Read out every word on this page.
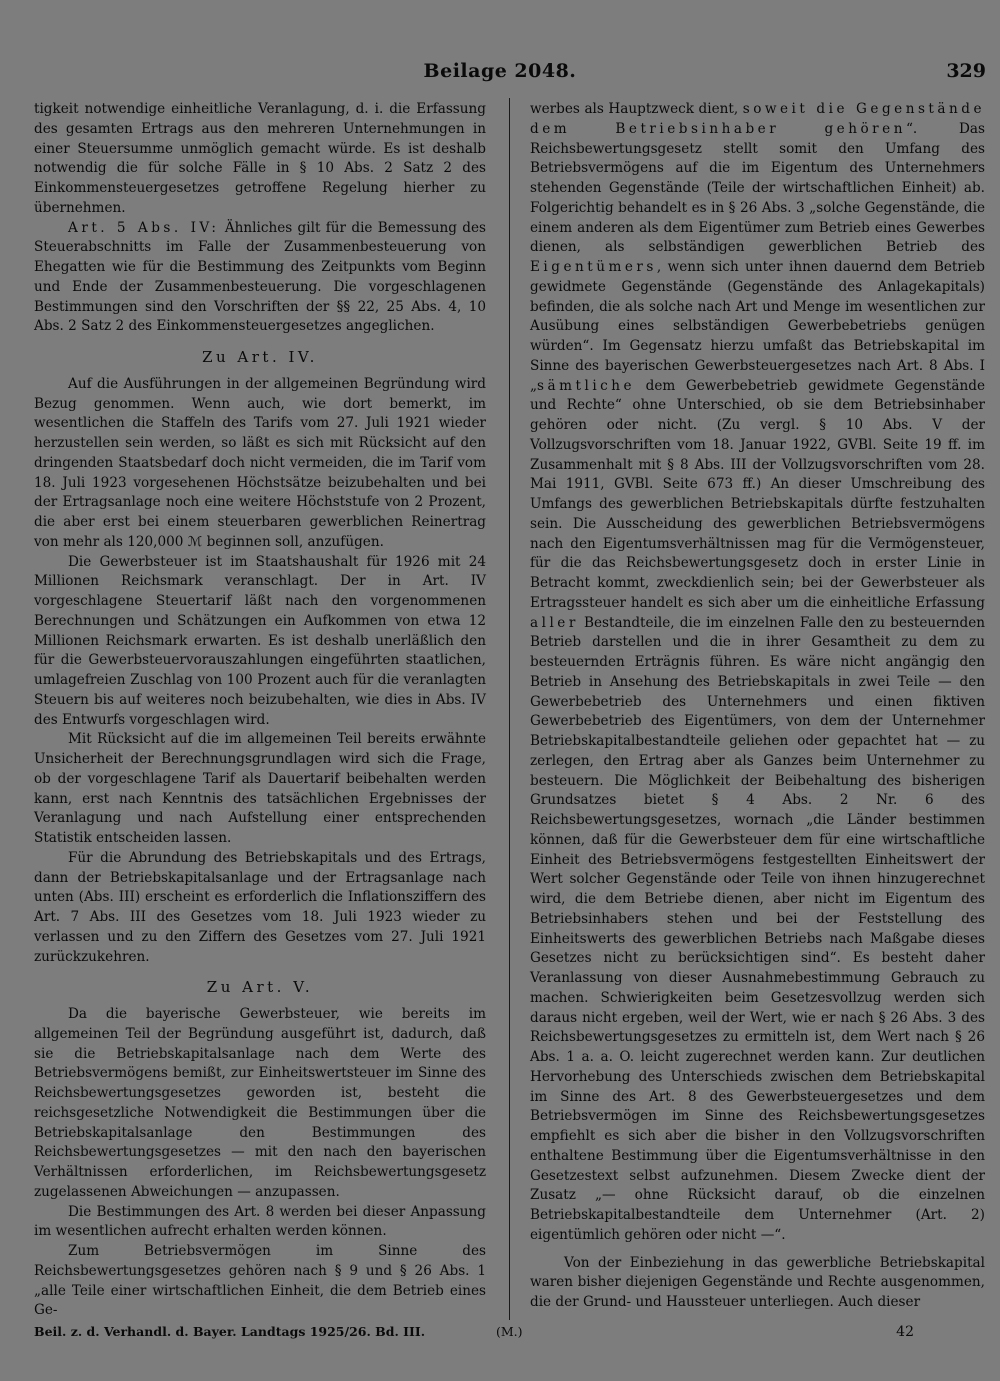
Beilage 2048.	329

tigkeit notwendige einheitliche Veranlagung, d. i. die Erfassung des gesamten Ertrags aus den mehreren Unternehmungen in einer Steuersumme unmöglich gemacht würde. Es ist deshalb notwendig die für solche Fälle in § 10 Abs. 2 Satz 2 des Einkommensteuergesetzes getroffene Regelung hierher zu übernehmen.

Art. 5 Abs. IV: Ähnliches gilt für die Bemessung des Steuerabschnitts im Falle der Zusammenbesteuerung von Ehegatten wie für die Bestimmung des Zeitpunkts vom Beginn und Ende der Zusammenbesteuerung. Die vorgeschlagenen Bestimmungen sind den Vorschriften der §§ 22, 25 Abs. 4, 10 Abs. 2 Satz 2 des Einkommensteuergesetzes angeglichen.

Zu Art. IV.

Auf die Ausführungen in der allgemeinen Begründung wird Bezug genommen. Wenn auch, wie dort bemerkt, im wesentlichen die Staffeln des Tarifs vom 27. Juli 1921 wieder herzustellen sein werden, so läßt es sich mit Rücksicht auf den dringenden Staatsbedarf doch nicht vermeiden, die im Tarif vom 18. Juli 1923 vorgesehenen Höchstsätze beizubehalten und bei der Ertragsanlage noch eine weitere Höchststufe von 2 Prozent, die aber erst bei einem steuerbaren gewerblichen Reinertrag von mehr als 120,000 ℳ beginnen soll, anzufügen.

Die Gewerbsteuer ist im Staatshaushalt für 1926 mit 24 Millionen Reichsmark veranschlagt. Der in Art. IV vorgeschlagene Steuertarif läßt nach den vorgenommenen Berechnungen und Schätzungen ein Aufkommen von etwa 12 Millionen Reichsmark erwarten. Es ist deshalb unerläßlich den für die Gewerbsteuervorauszahlungen eingeführten staatlichen, umlagefreien Zuschlag von 100 Prozent auch für die veranlagten Steuern bis auf weiteres noch beizubehalten, wie dies in Abs. IV des Entwurfs vorgeschlagen wird.

Mit Rücksicht auf die im allgemeinen Teil bereits erwähnte Unsicherheit der Berechnungsgrundlagen wird sich die Frage, ob der vorgeschlagene Tarif als Dauertarif beibehalten werden kann, erst nach Kenntnis des tatsächlichen Ergebnisses der Veranlagung und nach Aufstellung einer entsprechenden Statistik entscheiden lassen.

Für die Abrundung des Betriebskapitals und des Ertrags, dann der Betriebskapitalsanlage und der Ertragsanlage nach unten (Abs. III) erscheint es erforderlich die Inflationsziffern des Art. 7 Abs. III des Gesetzes vom 18. Juli 1923 wieder zu verlassen und zu den Ziffern des Gesetzes vom 27. Juli 1921 zurückzukehren.

Zu Art. V.

Da die bayerische Gewerbsteuer, wie bereits im allgemeinen Teil der Begründung ausgeführt ist, dadurch, daß sie die Betriebskapitalsanlage nach dem Werte des Betriebsvermögens bemißt, zur Einheitswertsteuer im Sinne des Reichsbewertungsgesetzes geworden ist, besteht die reichsgesetzliche Notwendigkeit die Bestimmungen über die Betriebskapitalsanlage den Bestimmungen des Reichsbewertungsgesetzes — mit den nach den bayerischen Verhältnissen erforderlichen, im Reichsbewertungsgesetz zugelassenen Abweichungen — anzupassen.

Die Bestimmungen des Art. 8 werden bei dieser Anpassung im wesentlichen aufrecht erhalten werden können.

Zum Betriebsvermögen im Sinne des Reichsbewertungsgesetzes gehören nach § 9 und § 26 Abs. 1 „alle Teile einer wirtschaftlichen Einheit, die dem Betrieb eines Ge-

werbes als Hauptzweck dient, soweit die Gegenstände dem Betriebsinhaber gehören“. Das Reichsbewertungsgesetz stellt somit den Umfang des Betriebsvermögens auf die im Eigentum des Unternehmers stehenden Gegenstände (Teile der wirtschaftlichen Einheit) ab. Folgerichtig behandelt es in § 26 Abs. 3 „solche Gegenstände, die einem anderen als dem Eigentümer zum Betrieb eines Gewerbes dienen, als selbständigen gewerblichen Betrieb des Eigentümers, wenn sich unter ihnen dauernd dem Betrieb gewidmete Gegenstände (Gegenstände des Anlagekapitals) befinden, die als solche nach Art und Menge im wesentlichen zur Ausübung eines selbständigen Gewerbebetriebs genügen würden“. Im Gegensatz hierzu umfaßt das Betriebskapital im Sinne des bayerischen Gewerbsteuergesetzes nach Art. 8 Abs. I „sämtliche dem Gewerbebetrieb gewidmete Gegenstände und Rechte“ ohne Unterschied, ob sie dem Betriebsinhaber gehören oder nicht. (Zu vergl. § 10 Abs. V der Vollzugsvorschriften vom 18. Januar 1922, GVBl. Seite 19 ff. im Zusammenhalt mit § 8 Abs. III der Vollzugsvorschriften vom 28. Mai 1911, GVBl. Seite 673 ff.) An dieser Umschreibung des Umfangs des gewerblichen Betriebskapitals dürfte festzuhalten sein. Die Ausscheidung des gewerblichen Betriebsvermögens nach den Eigentumsverhältnissen mag für die Vermögensteuer, für die das Reichsbewertungsgesetz doch in erster Linie in Betracht kommt, zweckdienlich sein; bei der Gewerbsteuer als Ertragssteuer handelt es sich aber um die einheitliche Erfassung aller Bestandteile, die im einzelnen Falle den zu besteuernden Betrieb darstellen und die in ihrer Gesamtheit zu dem zu besteuernden Erträgnis führen. Es wäre nicht angängig den Betrieb in Ansehung des Betriebskapitals in zwei Teile — den Gewerbebetrieb des Unternehmers und einen fiktiven Gewerbebetrieb des Eigentümers, von dem der Unternehmer Betriebskapitalbestandteile geliehen oder gepachtet hat — zu zerlegen, den Ertrag aber als Ganzes beim Unternehmer zu besteuern. Die Möglichkeit der Beibehaltung des bisherigen Grundsatzes bietet § 4 Abs. 2 Nr. 6 des Reichsbewertungsgesetzes, wornach „die Länder bestimmen können, daß für die Gewerbsteuer dem für eine wirtschaftliche Einheit des Betriebsvermögens festgestellten Einheitswert der Wert solcher Gegenstände oder Teile von ihnen hinzugerechnet wird, die dem Betriebe dienen, aber nicht im Eigentum des Betriebsinhabers stehen und bei der Feststellung des Einheitswerts des gewerblichen Betriebs nach Maßgabe dieses Gesetzes nicht zu berücksichtigen sind“. Es besteht daher Veranlassung von dieser Ausnahmebestimmung Gebrauch zu machen. Schwierigkeiten beim Gesetzesvollzug werden sich daraus nicht ergeben, weil der Wert, wie er nach § 26 Abs. 3 des Reichsbewertungsgesetzes zu ermitteln ist, dem Wert nach § 26 Abs. 1 a. a. O. leicht zugerechnet werden kann. Zur deutlichen Hervorhebung des Unterschieds zwischen dem Betriebskapital im Sinne des Art. 8 des Gewerbsteuergesetzes und dem Betriebsvermögen im Sinne des Reichsbewertungsgesetzes empfiehlt es sich aber die bisher in den Vollzugsvorschriften enthaltene Bestimmung über die Eigentumsverhältnisse in den Gesetzestext selbst aufzunehmen. Diesem Zwecke dient der Zusatz „— ohne Rücksicht darauf, ob die einzelnen Betriebskapitalbestandteile dem Unternehmer (Art. 2) eigentümlich gehören oder nicht —“.

Von der Einbeziehung in das gewerbliche Betriebskapital waren bisher diejenigen Gegenstände und Rechte ausgenommen, die der Grund- und Haussteuer unterliegen. Auch dieser

Beil. z. d. Verhandl. d. Bayer. Landtags 1925/26. Bd. III.	(M.)	42
